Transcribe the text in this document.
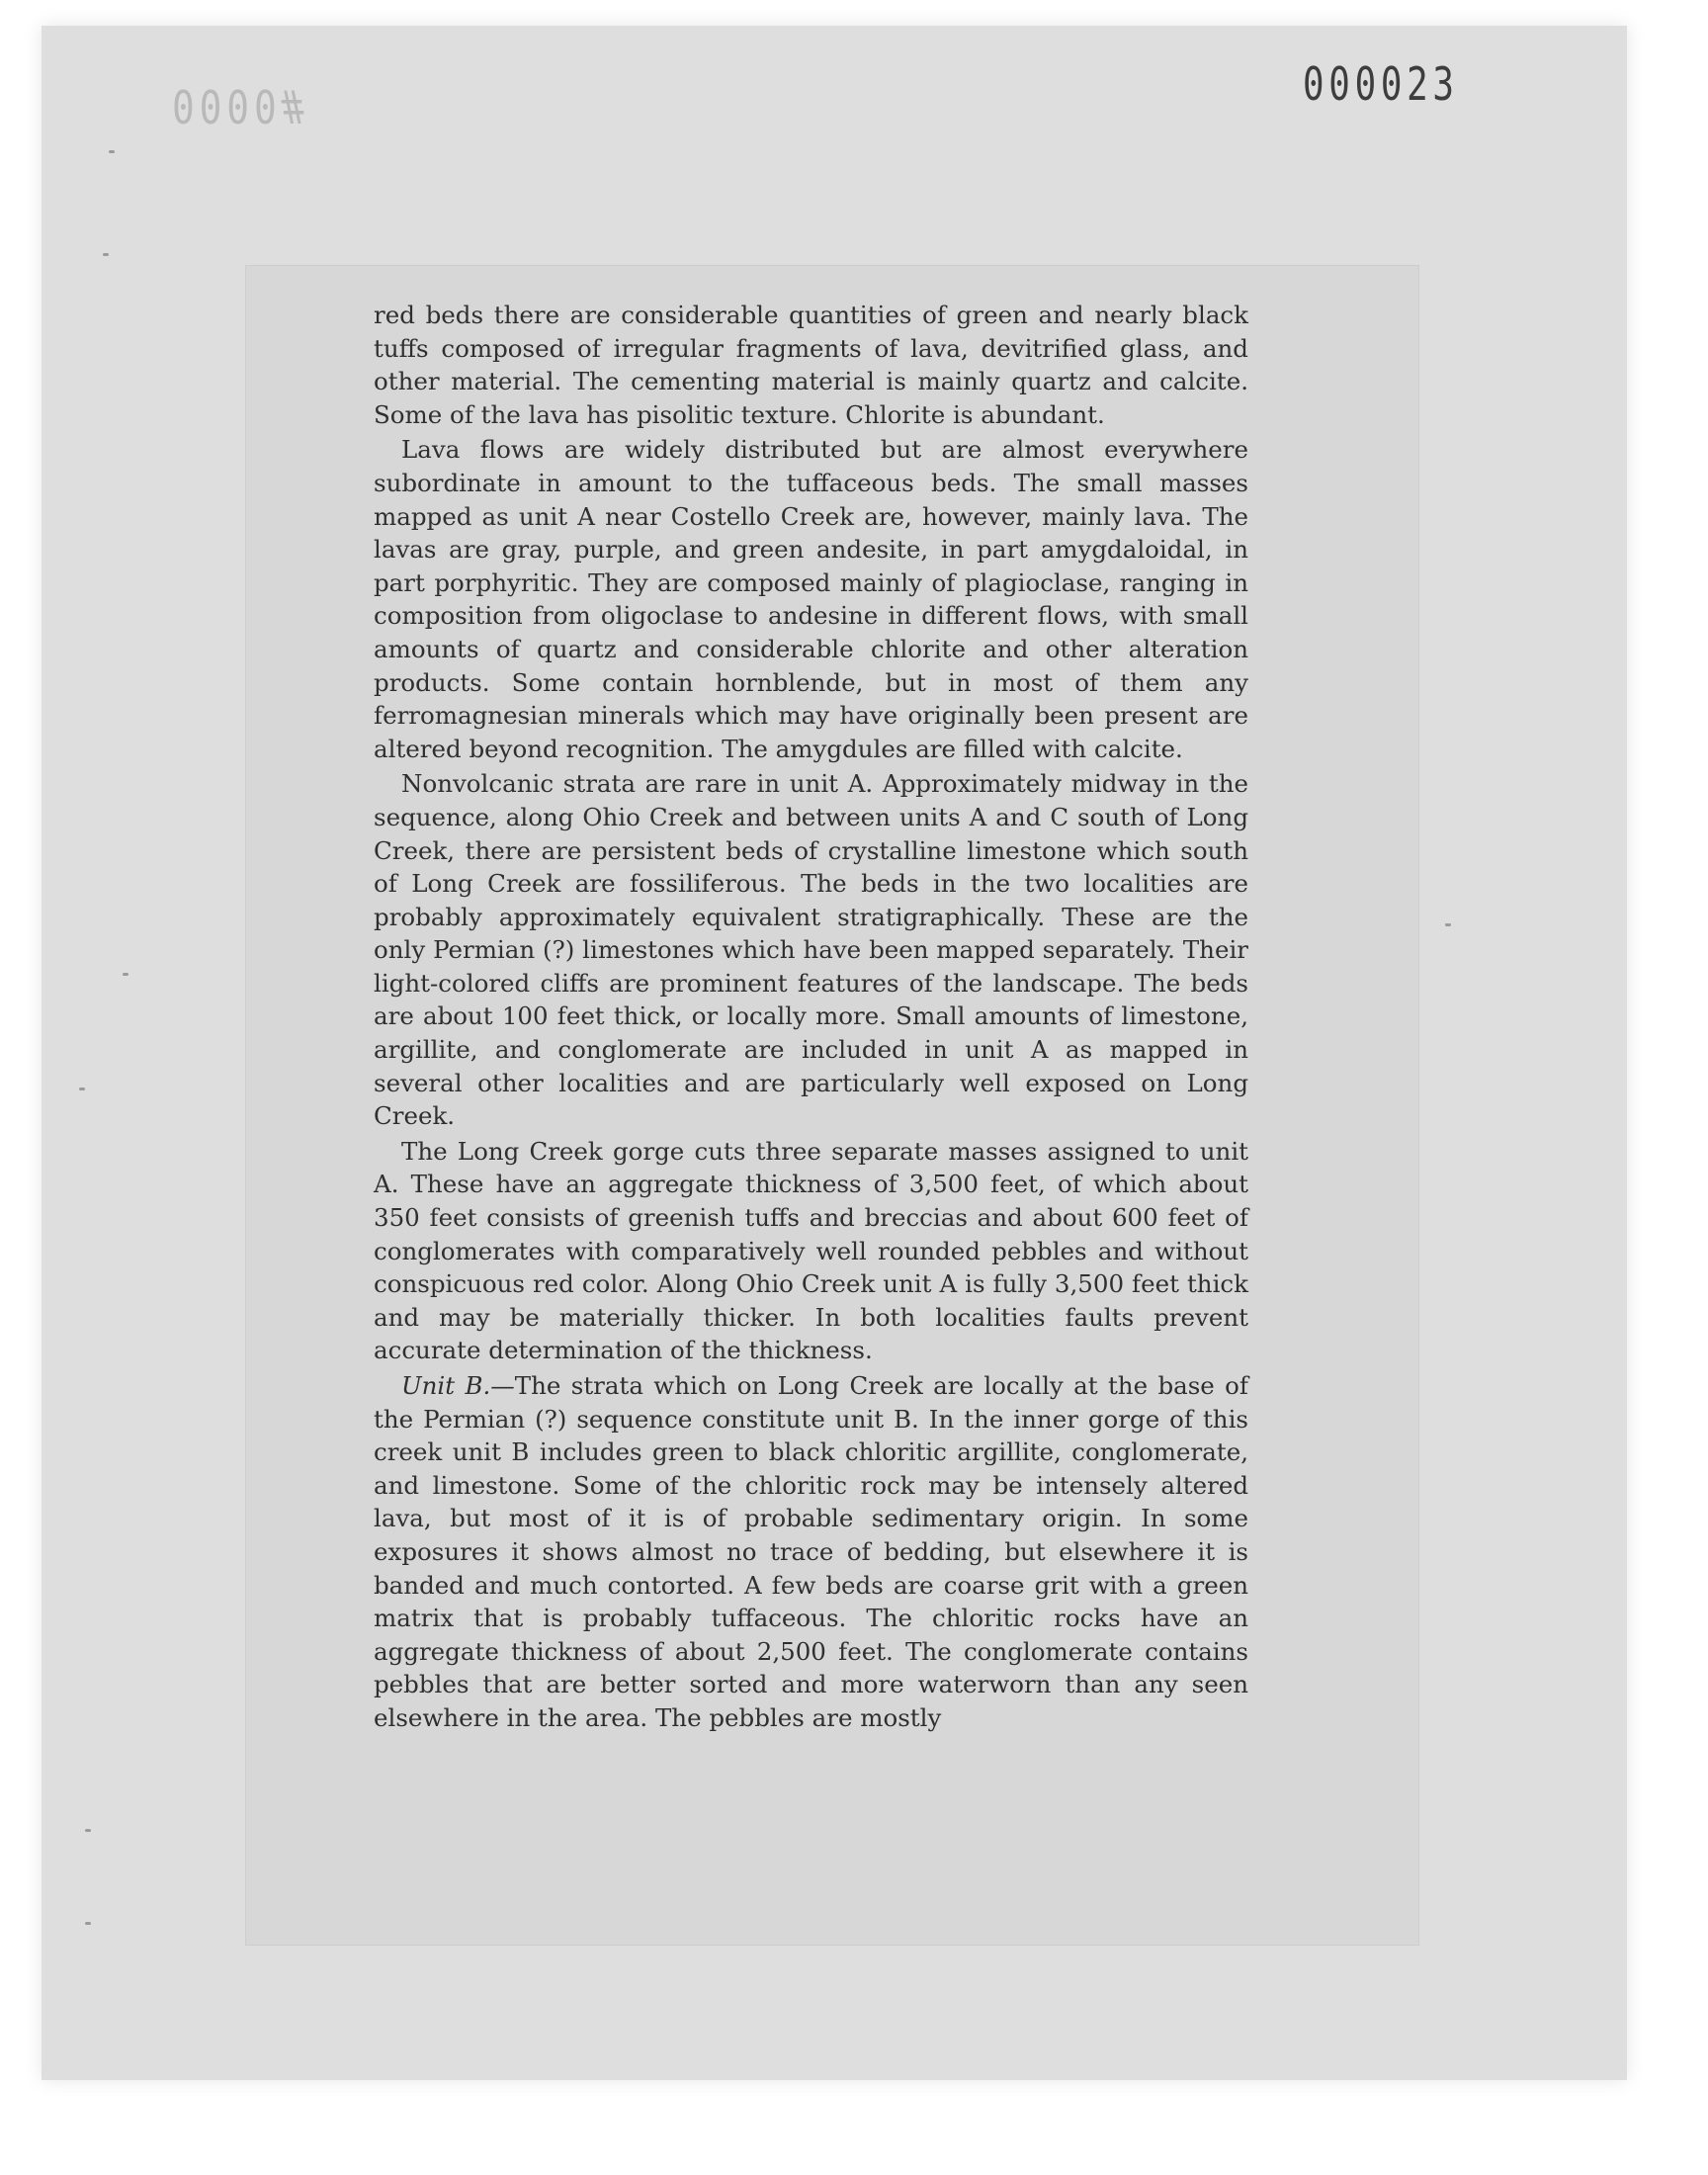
#0000	000023

red beds there are considerable quantities of green and nearly black tuffs composed of irregular fragments of lava, devitrified glass, and other material. The cementing material is mainly quartz and calcite. Some of the lava has pisolitic texture. Chlorite is abundant.

Lava flows are widely distributed but are almost everywhere subordinate in amount to the tuffaceous beds. The small masses mapped as unit A near Costello Creek are, however, mainly lava. The lavas are gray, purple, and green andesite, in part amygdaloidal, in part porphyritic. They are composed mainly of plagioclase, ranging in composition from oligoclase to andesine in different flows, with small amounts of quartz and considerable chlorite and other alteration products. Some contain hornblende, but in most of them any ferromagnesian minerals which may have originally been present are altered beyond recognition. The amygdules are filled with calcite.

Nonvolcanic strata are rare in unit A. Approximately midway in the sequence, along Ohio Creek and between units A and C south of Long Creek, there are persistent beds of crystalline limestone which south of Long Creek are fossiliferous. The beds in the two localities are probably approximately equivalent stratigraphically. These are the only Permian (?) limestones which have been mapped separately. Their light-colored cliffs are prominent features of the landscape. The beds are about 100 feet thick, or locally more. Small amounts of limestone, argillite, and conglomerate are included in unit A as mapped in several other localities and are particularly well exposed on Long Creek.

The Long Creek gorge cuts three separate masses assigned to unit A. These have an aggregate thickness of 3,500 feet, of which about 350 feet consists of greenish tuffs and breccias and about 600 feet of conglomerates with comparatively well rounded pebbles and without conspicuous red color. Along Ohio Creek unit A is fully 3,500 feet thick and may be materially thicker. In both localities faults prevent accurate determination of the thickness.

Unit B.—The strata which on Long Creek are locally at the base of the Permian (?) sequence constitute unit B. In the inner gorge of this creek unit B includes green to black chloritic argillite, conglomerate, and limestone. Some of the chloritic rock may be intensely altered lava, but most of it is of probable sedimentary origin. In some exposures it shows almost no trace of bedding, but elsewhere it is banded and much contorted. A few beds are coarse grit with a green matrix that is probably tuffaceous. The chloritic rocks have an aggregate thickness of about 2,500 feet. The conglomerate contains pebbles that are better sorted and more waterworn than any seen elsewhere in the area. The pebbles are mostly
